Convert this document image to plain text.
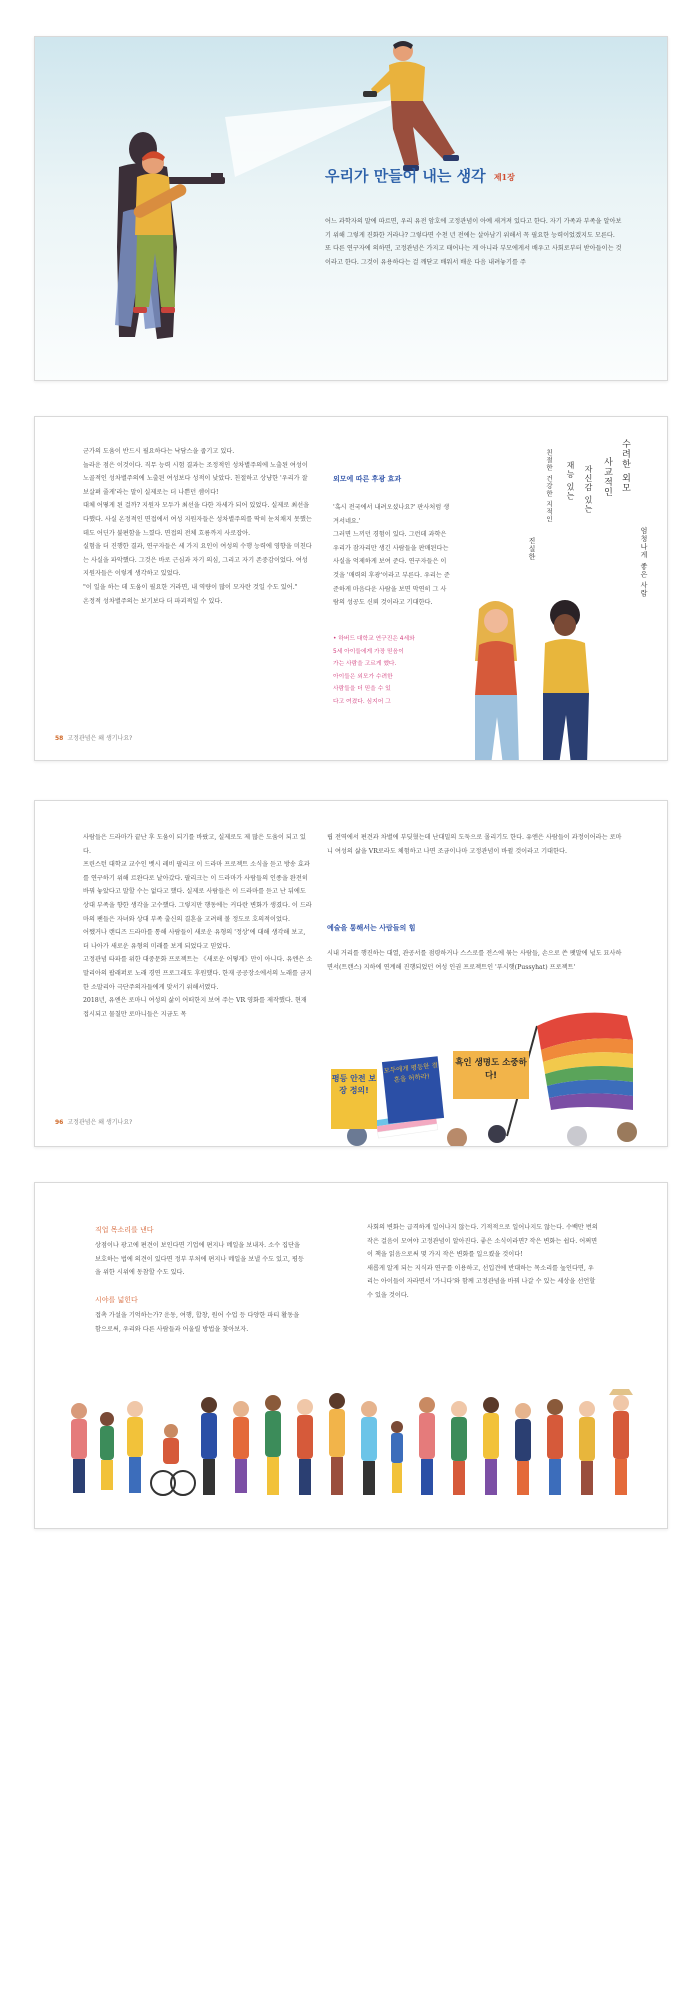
우리가 만들어 내는 생각 제1장

어느 과학자의 말에 따르면, 우리 유전 암호에 고정관념이 아예 새겨져 있다고 한다. 자기 가족과 부족을 알아보기 위해 그렇게 진화한 거라나? 그렇다면 수천 년 전에는 살아남기 위해서 꼭 필요한 능력이었겠지도 모른다.

또 다른 연구자에 의하면, 고정관념은 가지고 태어나는 게 아니라 부모에게서 배우고 사회로부터 받아들이는 것이라고 한다. 그것이 유용하다는 걸 깨닫고 배워서 배운 다음 내려놓기를 주

군가의 도움이 반드시 필요하다는 낙담스을 줍기고 있다.

놀라운 점은 이것이다. 직무 능력 시험 결과는 조정적인 성차별주의에 노출된 여성이 노골적인 성차별주의에 노출된 여성보다 성적이 낮았다. 친절하고 상냥한 '우리가 잘 보살펴 줄게'라는 말이 실제로는 더 나쁜던 셈이다!

대체 어떻게 된 걸까? 지원자 모두가 최선을 다한 자세가 되어 있었다. 실제로 최선을 다했다. 사실 온정적인 면접에서 여성 지원자들은 성차별주의를 딱히 눈치채지 못했는데도 어딘가 불편함을 느꼈다. 면접의 전체 흐름까지 사로잡아.

실험을 더 진행한 결과, 연구자들은 세 가지 요인이 여성의 수행 능력에 영향을 미친다는 사실을 파악했다. 그것은 바로 근심과 자기 의심, 그리고 자기 존중감이었다. 여성 지원자들은 이렇게 생각하고 있었다.

"이 일을 하는 데 도움이 필요한 거라면, 내 역량이 많이 모자란 것일 수도 있어."

온정적 성차별주의는 보기보다 더 파괴적일 수 있다.

58 고정관념은 왜 생기나요?
외모에 따른 후광 효과

'혹시 전국에서 내려오셨나요?' 판사처럼 생겨서네요.'

그러면 느끼던 경험이 있다. 그런데 과학은 우리가 잠자리만 생긴 사람들을 판매된다는 사실을 억제하게 보여 준다. 연구자들은 이것을 '매력의 후광'이라고 부른다. 우리는 준준하게 마음다운 사람을 보면 막연히 그 사람의 성공도 신뢰 것이라고 기대한다.

• 하버드 대학교 연구진은 4세와

5세 아이들에게 가장 믿음이

가는 사람을 고르게 했다.

아이들은 외모가 수려한

사람들을 더 믿을 수 있

다고 여겼다. 심지어 그

수려한 외모
사교적인
자신감 있는
재능 있는
친절한 건강한 지적인
엄청나게 좋은 사람
진실한

사람들은 드라마가 끝난 후 도움이 되기를 바랐고, 실제로도 제 많은 도움이 되고 있다.

프린스턴 대학교 교수인 벳시 레비 팔리크 이 드라마 프로젝트 소식을 듣고 방송 효과를 연구하기 위해 르완다로 날아갔다. 팔리크는 이 드라마가 사람들의 인종을 완전히 바꿔 놓았다고 말할 수는 없다고 했다. 실제로 사람들은 이 드라마를 듣고 난 뒤에도 상대 부족을 향한 생각을 고수했다. 그렇지만 행동에는 커다란 변화가 생겼다. 이 드라마의 팬들은 자녀와 상대 부족 출신의 결혼을 고려해 볼 정도로 호의적이었다.

어쨌거나 랜디즈 드라마를 통해 사람들이 새로운 유형의 '정상'에 대해 생각해 보고, 더 나아가 새로운 유형의 미래를 보게 되었다고 믿었다.

고정관념 타파를 위한 대중문화 프로젝트는 《새로운 어떻게》만이 아니다. 유엔은 소말리아의 팝래퍼로 노래 경연 프로그래도 후원했다. 한재 공공장소에서의 노래를 금지한 소말리아 극단주의자들에게 맞서기 위해서였다.

2018년, 유엔은 로마니 여성의 삶이 어떠한지 보여 주는 VR 영화를 제작했다. 현재 접시되고 물칠만 로마니들은 지금도 목

96 고정관념은 왜 생기나요?

립 전역에서 편견과 차별에 부딪혔는데 난대밀의 도둑으로 몰리기도 한다. 유엔은 사람들이 과정이어라는 로마니 여성의 삶을 VR로라도 체험하고 나면 조금이나마 고정관념이 바뀔 것이라고 기대한다.

예술을 통해서는 사람들의 힘

시내 거리를 행진하는 대열, 관공서를 점령하거나 스스로를 전스에 묶는 사람들, 손으로 쓴 팻말에 넋도 묘사하면서(트랜스) 지하에 연계해 진행되었던 여성 인권 프로젝트인 '푸시햇(Pussyhat) 프로젝트'

평등 안전 보장 정의!
모두에게 평등한 결혼을 허하라!
흑인 생명도 소중하다!
직업 목소리를 낸다

상점이나 광고에 편견이 보인다면 기업에 편지나 메일을 보내자. 소수 집단을 보호하는 법에 의견이 있다면 정부 부처에 편지나 메일을 보낼 수도 있고, 평등을 위한 시위에 동참할 수도 있다.

시야를 넓힌다

접촉 가설을 기억하는가? 운동, 여행, 합창, 원어 수업 등 다양한 파티 활동을 함으로써, 우리와 다른 사람들과 어울릴 방법을 찾아보자.

사회의 변화는 급격하게 일어나지 않는다. 기적적으로 일어나지도 않는다. 수백만 번의 작은 걸음이 모여야 고정관념이 알아진다. 좋은 소식이라면? 작은 변화는 쉽다. 어쩌면 이 책을 읽음으로써 몇 가지 작은 변화를 일으켰을 것이다!

새롭게 알게 되는 지식과 연구를 이용하고, 선입견에 반대하는 목소리를 높인다면, 우리는 아이들이 자라면서 '가니다'와 함께 고정관념을 바꿔 나갈 수 있는 세상을 선언할 수 있을 것이다.
